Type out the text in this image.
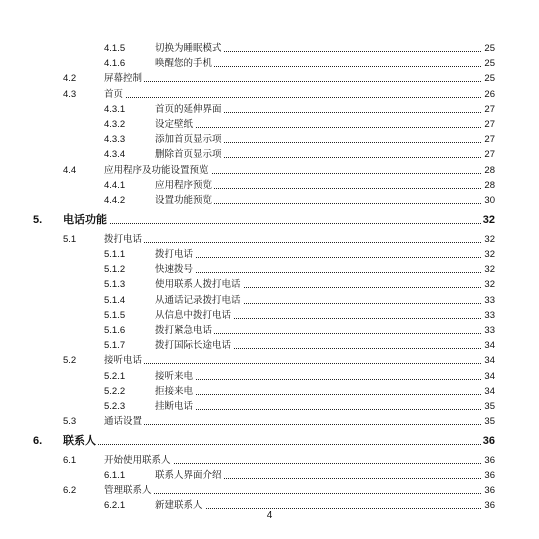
4.1.5	切换为睡眠模式	25
4.1.6	唤醒您的手机	25
4.2	屏幕控制	25
4.3	首页	26
4.3.1	首页的延伸界面	27
4.3.2	设定壁纸	27
4.3.3	添加首页显示项	27
4.3.4	删除首页显示项	27
4.4	应用程序及功能设置预览	28
4.4.1	应用程序预览	28
4.4.2	设置功能预览	30
5. 电话功能	32
5.1	拨打电话	32
5.1.1	拨打电话	32
5.1.2	快速拨号	32
5.1.3	使用联系人拨打电话	32
5.1.4	从通话记录拨打电话	33
5.1.5	从信息中拨打电话	33
5.1.6	拨打紧急电话	33
5.1.7	拨打国际长途电话	34
5.2	接听电话	34
5.2.1	接听来电	34
5.2.2	拒接来电	34
5.2.3	挂断电话	35
5.3	通话设置	35
6. 联系人	36
6.1	开始使用联系人	36
6.1.1	联系人界面介绍	36
6.2	管理联系人	36
6.2.1	新建联系人	36
4
